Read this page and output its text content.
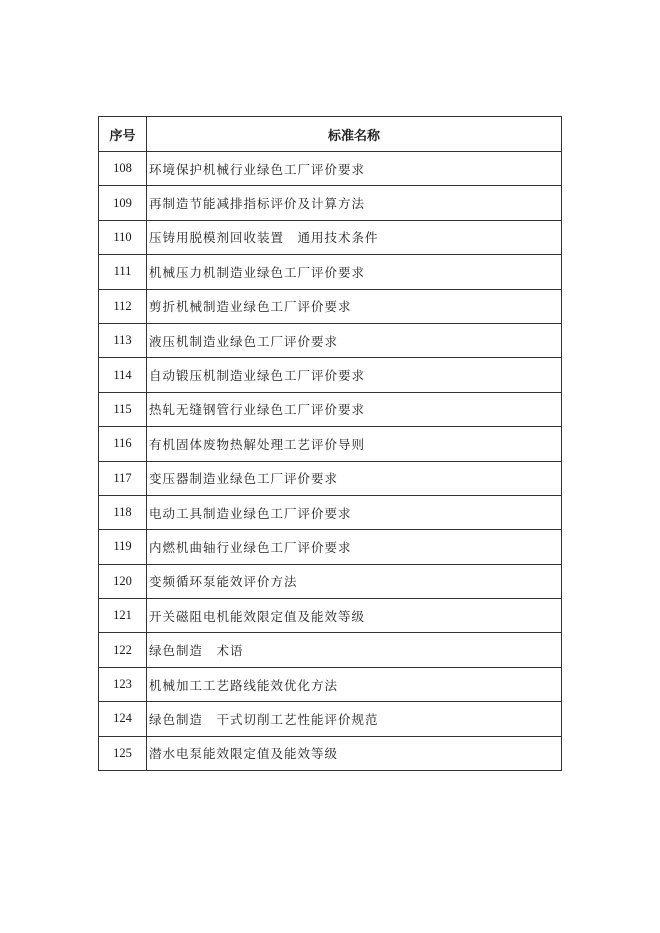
序号	标准名称
108	环境保护机械行业绿色工厂评价要求
109	再制造节能减排指标评价及计算方法
110	压铸用脱模剂回收装置　通用技术条件
111	机械压力机制造业绿色工厂评价要求
112	剪折机械制造业绿色工厂评价要求
113	液压机制造业绿色工厂评价要求
114	自动锻压机制造业绿色工厂评价要求
115	热轧无缝钢管行业绿色工厂评价要求
116	有机固体废物热解处理工艺评价导则
117	变压器制造业绿色工厂评价要求
118	电动工具制造业绿色工厂评价要求
119	内燃机曲轴行业绿色工厂评价要求
120	变频循环泵能效评价方法
121	开关磁阻电机能效限定值及能效等级
122	绿色制造　术语
123	机械加工工艺路线能效优化方法
124	绿色制造　干式切削工艺性能评价规范
125	潜水电泵能效限定值及能效等级
